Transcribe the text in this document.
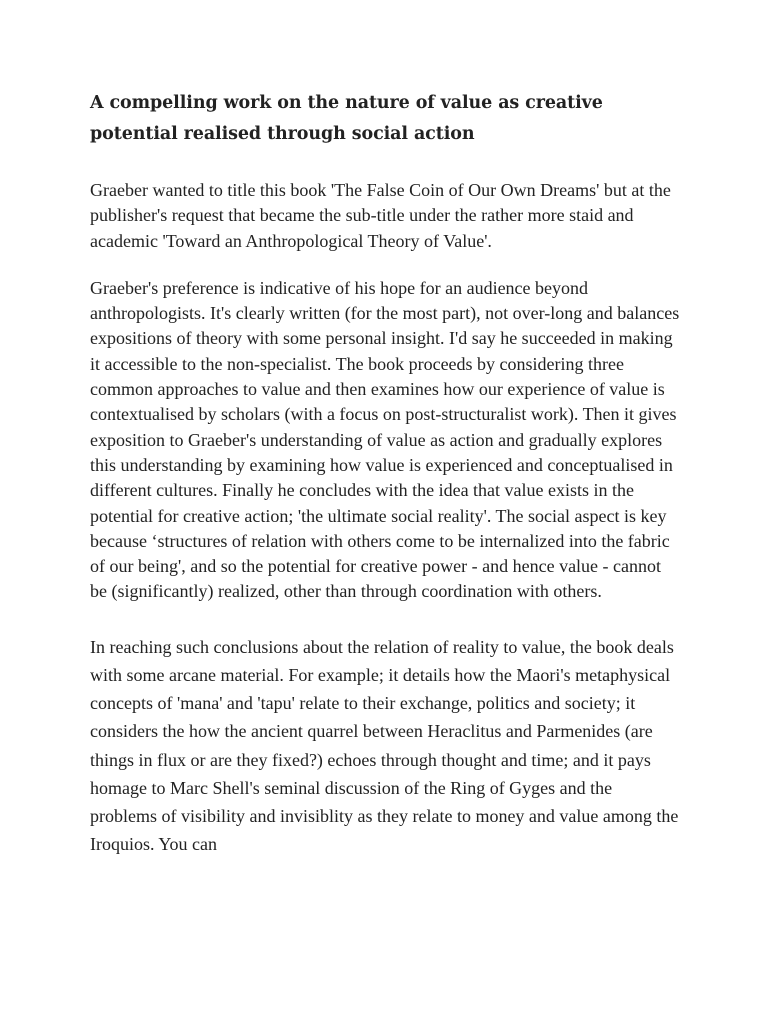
A compelling work on the nature of value as creative potential realised through social action

Graeber wanted to title this book 'The False Coin of Our Own Dreams' but at the publisher's request that became the sub-title under the rather more staid and academic 'Toward an Anthropological Theory of Value'.

Graeber's preference is indicative of his hope for an audience beyond anthropologists. It's clearly written (for the most part), not over-long and balances expositions of theory with some personal insight. I'd say he succeeded in making it accessible to the non-specialist. The book proceeds by considering three common approaches to value and then examines how our experience of value is contextualised by scholars (with a focus on post-structuralist work). Then it gives exposition to Graeber's understanding of value as action and gradually explores this understanding by examining how value is experienced and conceptualised in different cultures. Finally he concludes with the idea that value exists in the potential for creative action; 'the ultimate social reality'. The social aspect is key because ‘structures of relation with others come to be internalized into the fabric of our being', and so the potential for creative power - and hence value - cannot be (significantly) realized, other than through coordination with others.

In reaching such conclusions about the relation of reality to value, the book deals with some arcane material. For example; it details how the Maori's metaphysical concepts of 'mana' and 'tapu' relate to their exchange, politics and society; it considers the how the ancient quarrel between Heraclitus and Parmenides (are things in flux or are they fixed?) echoes through thought and time; and it pays homage to Marc Shell's seminal discussion of the Ring of Gyges and the problems of visibility and invisiblity as they relate to money and value among the Iroquios. You can
